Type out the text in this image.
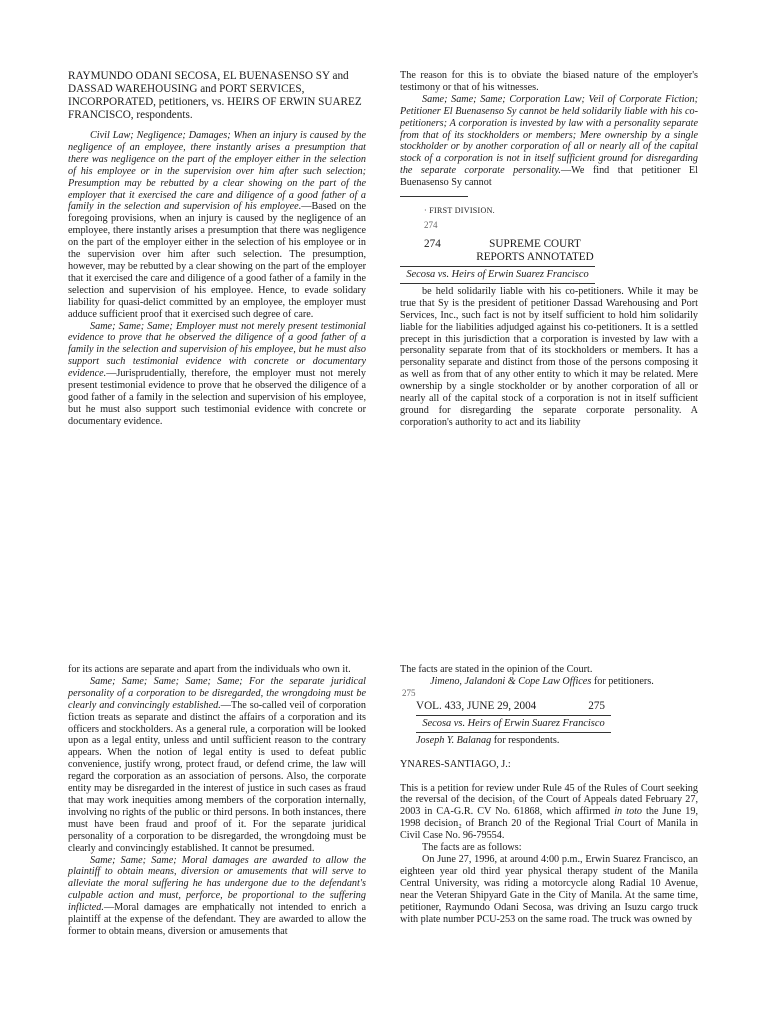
RAYMUNDO ODANI SECOSA, EL BUENASENSO SY and DASSAD WAREHOUSING and PORT SERVICES, INCORPORATED, petitioners, vs. HEIRS OF ERWIN SUAREZ FRANCISCO, respondents.

Civil Law; Negligence; Damages; When an injury is caused by the negligence of an employee, there instantly arises a presumption that there was negligence on the part of the employer either in the selection of his employee or in the supervision over him after such selection; Presumption may be rebutted by a clear showing on the part of the employer that it exercised the care and diligence of a good father of a family in the selection and supervision of his employee.—Based on the foregoing provisions, when an injury is caused by the negligence of an employee, there instantly arises a presumption that there was negligence on the part of the employer either in the selection of his employee or in the supervision over him after such selection. The presumption, however, may be rebutted by a clear showing on the part of the employer that it exercised the care and diligence of a good father of a family in the selection and supervision of his employee. Hence, to evade solidary liability for quasi-delict committed by an employee, the employer must adduce sufficient proof that it exercised such degree of care.

Same; Same; Same; Employer must not merely present testimonial evidence to prove that he observed the diligence of a good father of a family in the selection and supervision of his employee, but he must also support such testimonial evidence with concrete or documentary evidence.—Jurisprudentially, therefore, the employer must not merely present testimonial evidence to prove that he observed the diligence of a good father of a family in the selection and supervision of his employee, but he must also support such testimonial evidence with concrete or documentary evidence.

The reason for this is to obviate the biased nature of the employer's testimony or that of his witnesses.

Same; Same; Same; Corporation Law; Veil of Corporate Fiction; Petitioner El Buenasenso Sy cannot be held solidarily liable with his co-petitioners; A corporation is invested by law with a personality separate from that of its stockholders or members; Mere ownership by a single stockholder or by another corporation of all or nearly all of the capital stock of a corporation is not in itself sufficient ground for disregarding the separate corporate personality.—We find that petitioner El Buenasenso Sy cannot

· FIRST DIVISION.

274

274	SUPREME COURT REPORTS ANNOTATED

Secosa vs. Heirs of Erwin Suarez Francisco

be held solidarily liable with his co-petitioners. While it may be true that Sy is the president of petitioner Dassad Warehousing and Port Services, Inc., such fact is not by itself sufficient to hold him solidarily liable for the liabilities adjudged against his co-petitioners. It is a settled precept in this jurisdiction that a corporation is invested by law with a personality separate from that of its stockholders or members. It has a personality separate and distinct from those of the persons composing it as well as from that of any other entity to which it may be related. Mere ownership by a single stockholder or by another corporation of all or nearly all of the capital stock of a corporation is not in itself sufficient ground for disregarding the separate corporate personality. A corporation's authority to act and its liability

for its actions are separate and apart from the individuals who own it.

Same; Same; Same; Same; Same; For the separate juridical personality of a corporation to be disregarded, the wrongdoing must be clearly and convincingly established.—The so-called veil of corporation fiction treats as separate and distinct the affairs of a corporation and its officers and stockholders. As a general rule, a corporation will be looked upon as a legal entity, unless and until sufficient reason to the contrary appears. When the notion of legal entity is used to defeat public convenience, justify wrong, protect fraud, or defend crime, the law will regard the corporation as an association of persons. Also, the corporate entity may be disregarded in the interest of justice in such cases as fraud that may work inequities among members of the corporation internally, involving no rights of the public or third persons. In both instances, there must have been fraud and proof of it. For the separate juridical personality of a corporation to be disregarded, the wrongdoing must be clearly and convincingly established. It cannot be presumed.

Same; Same; Same; Moral damages are awarded to allow the plaintiff to obtain means, diversion or amusements that will serve to alleviate the moral suffering he has undergone due to the defendant's culpable action and must, perforce, be proportional to the suffering inflicted.—Moral damages are emphatically not intended to enrich a plaintiff at the expense of the defendant. They are awarded to allow the former to obtain means, diversion or amusements that

The facts are stated in the opinion of the Court.

Jimeno, Jalandoni & Cope Law Offices for petitioners.

275

VOL. 433, JUNE 29, 2004	275

Secosa vs. Heirs of Erwin Suarez Francisco

Joseph Y. Balanag for respondents.

YNARES-SANTIAGO, J.:

This is a petition for review under Rule 45 of the Rules of Court seeking the reversal of the decision₁ of the Court of Appeals dated February 27, 2003 in CA-G.R. CV No. 61868, which affirmed in toto the June 19, 1998 decision₂ of Branch 20 of the Regional Trial Court of Manila in Civil Case No. 96-79554.

The facts are as follows:

On June 27, 1996, at around 4:00 p.m., Erwin Suarez Francisco, an eighteen year old third year physical therapy student of the Manila Central University, was riding a motorcycle along Radial 10 Avenue, near the Veteran Shipyard Gate in the City of Manila. At the same time, petitioner, Raymundo Odani Secosa, was driving an Isuzu cargo truck with plate number PCU-253 on the same road. The truck was owned by
